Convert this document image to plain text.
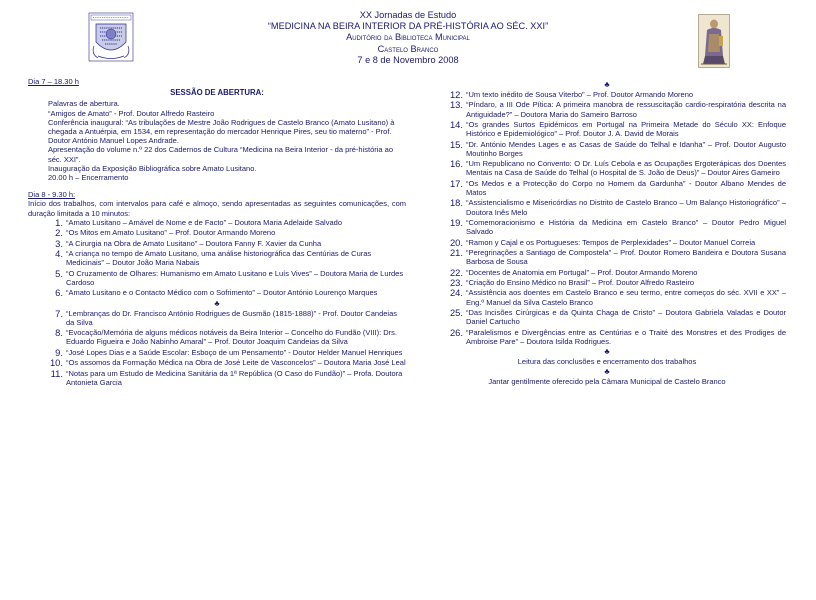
XX Jornadas de Estudo
“MEDICINA NA BEIRA INTERIOR DA PRÉ-HISTÓRIA AO SÉC. XXI”
Auditório da Biblioteca Municipal
Castelo Branco
7 e 8 de Novembro 2008
Dia 7 – 18.30 h
SESSÃO DE ABERTURA:

Palavras de abertura.

“Amigos de Amato” - Prof. Doutor Alfredo Rasteiro

Conferência inaugural: “As tribulações de Mestre João Rodrigues de Castelo Branco (Amato Lusitano) à chegada a Antuérpia, em 1534, em representação do mercador Henrique Pires, seu tio materno” - Prof. Doutor António Manuel Lopes Andrade.

Apresentação do volume n.º 22 dos Cadernos de Cultura “Medicina na Beira Interior - da pré-história ao séc. XXI”.

Inauguração da Exposição Bibliográfica sobre Amato Lusitano.

20.00 h – Encerramento

Dia 8 - 9.30 h:

Início dos trabalhos, com intervalos para café e almoço, sendo apresentadas as seguintes comunicações, com duração limitada a 10 minutos:

1. “Amato Lusitano – Amável de Nome e de Facto” – Doutora Maria Adelaide Salvado
2. “Os Mitos em Amato Lusitano” – Prof. Doutor Armando Moreno
3. “A Cirurgia na Obra de Amato Lusitano” – Doutora Fanny F. Xavier da Cunha
4. “A criança no tempo de Amato Lusitano, uma análise historiográfica das Centúrias de Curas Medicinais” – Doutor João Maria Nabais
5. “O Cruzamento de Olhares: Humanismo em Amato Lusitano e Luís Vives” – Doutora Maria de Lurdes Cardoso
6. “Amato Lusitano e o Contacto Médico com o Sofrimento” – Doutor António Lourenço Marques
♣
7. “Lembranças do Dr. Francisco António Rodrigues de Gusmão (1815-1888)” - Prof. Doutor Candeias da Silva
8. “Evocação/Memória de alguns médicos notáveis da Beira Interior – Concelho do Fundão (VIII): Drs. Eduardo Figueira e João Nabinho Amaral” – Prof. Doutor Joaquim Candeias da Silva
9. “José Lopes Dias e a Saúde Escolar: Esboço de um Pensamento” - Doutor Helder Manuel Henriques
10. “Os assomos da Formação Médica na Obra de José Leite de Vasconcelos” – Doutora Maria José Leal
11. “Notas para um Estudo de Medicina Sanitária da 1ª República (O Caso do Fundão)” – Profa. Doutora Antonieta Garcia
♣
12. “Um texto inédito de Sousa Viterbo” – Prof. Doutor Armando Moreno
13. “Píndaro, a III Ode Pítica: A primeira manobra de ressuscitação cardio-respiratória descrita na Antiguidade?” – Doutora Maria do Sameiro Barroso
14. “Os grandes Surtos Epidémicos em Portugal na Primeira Metade do Século XX: Enfoque Histórico e Epidemiológico” – Prof. Doutor J. A. David de Morais
15. “Dr. António Mendes Lages e as Casas de Saúde do Telhal e Idanha” – Prof. Doutor Augusto Moutinho Borges
16. “Um Republicano no Convento: O Dr. Luís Cebola e as Ocupações Ergoterápicas dos Doentes Mentais na Casa de Saúde do Telhal (o Hospital de S. João de Deus)” – Doutor Aires Gameiro
17. “Os Medos e a Protecção do Corpo no Homem da Gardunha” - Doutor Albano Mendes de Matos
18. “Assistencialismo e Misericórdias no Distrito de Castelo Branco – Um Balanço Historiográfico” – Doutora Inês Melo
19. “Comemoracionismo e História da Medicina em Castelo Branco” – Doutor Pedro Miguel Salvado
20. “Ramon y Cajal e os Portugueses: Tempos de Perplexidades” – Doutor Manuel Correia
21. “Peregrinações a Santiago de Compostela” – Prof. Doutor Romero Bandeira e Doutora Susana Barbosa de Sousa
22. “Docentes de Anatomia em Portugal” – Prof. Doutor Armando Moreno
23. “Criação do Ensino Médico no Brasil” – Prof. Doutor Alfredo Rasteiro
24. “Assistência aos doentes em Castelo Branco e seu termo, entre começos do séc. XVII e XX” – Eng.º Manuel da Silva Castelo Branco
25. “Das Incisões Cirúrgicas e da Quinta Chaga de Cristo” – Doutora Gabriela Valadas e Doutor Daniel Cartucho
26. “Paralelismos e Divergências entre as Centúrias e o Traité des Monstres et des Prodiges de Ambroise Pare” – Doutora Isilda Rodrigues.
♣

Leitura das conclusões e encerramento dos trabalhos

♣

Jantar gentilmente oferecido pela Câmara Municipal de Castelo Branco
